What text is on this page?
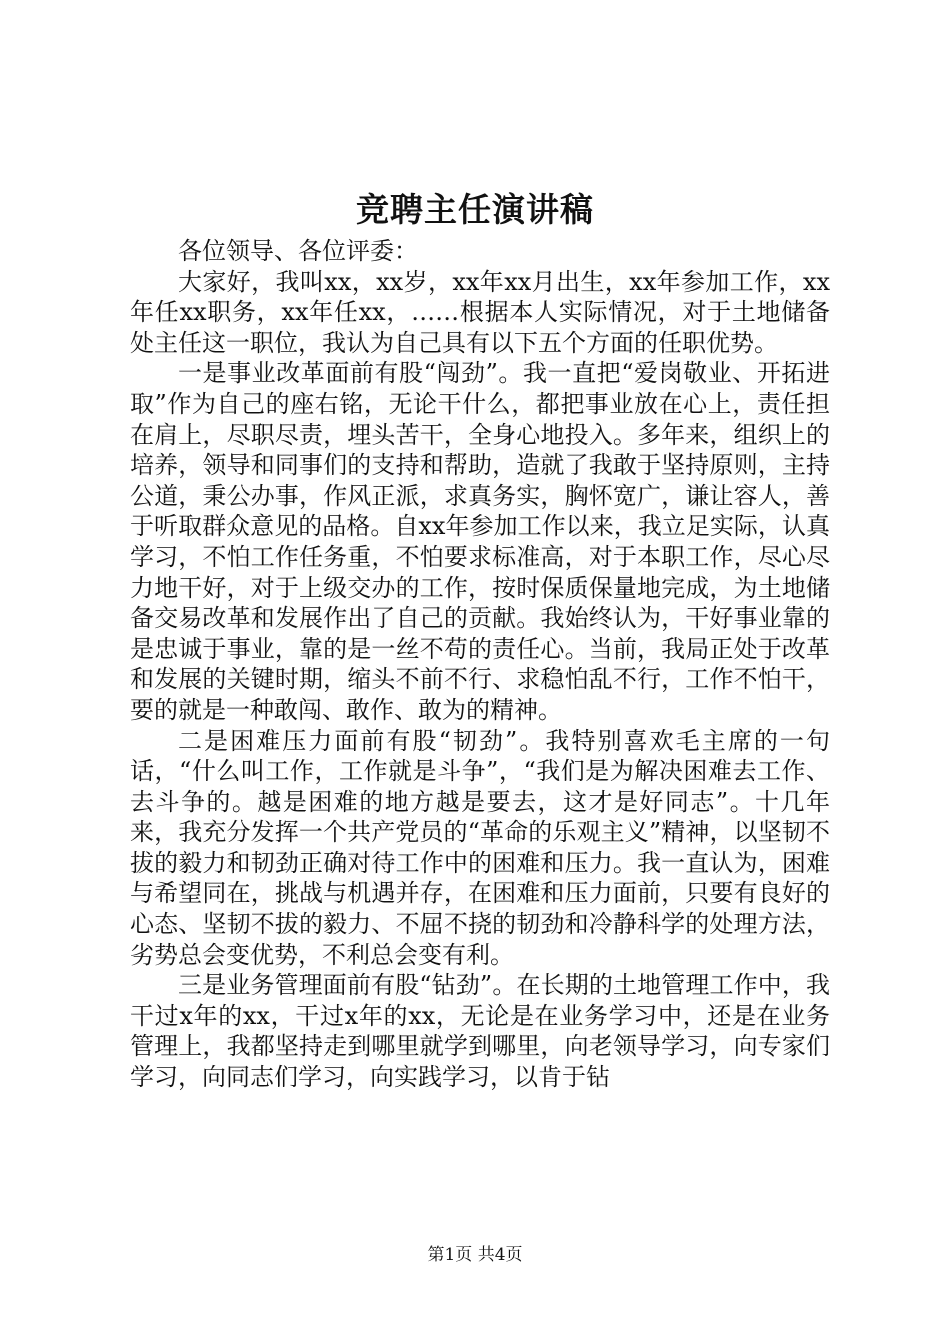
竞聘主任演讲稿

各位领导、各位评委：

大家好，我叫xx，xx岁，xx年xx月出生，xx年参加工作，xx年任xx职务，xx年任xx，……根据本人实际情况，对于土地储备处主任这一职位，我认为自己具有以下五个方面的任职优势。

一是事业改革面前有股“闯劲”。我一直把“爱岗敬业、开拓进取”作为自己的座右铭，无论干什么，都把事业放在心上，责任担在肩上，尽职尽责，埋头苦干，全身心地投入。多年来，组织上的培养，领导和同事们的支持和帮助，造就了我敢于坚持原则，主持公道，秉公办事，作风正派，求真务实，胸怀宽广，谦让容人，善于听取群众意见的品格。自xx年参加工作以来，我立足实际，认真学习，不怕工作任务重，不怕要求标准高，对于本职工作，尽心尽力地干好，对于上级交办的工作，按时保质保量地完成，为土地储备交易改革和发展作出了自己的贡献。我始终认为，干好事业靠的是忠诚于事业，靠的是一丝不苟的责任心。当前，我局正处于改革和发展的关键时期，缩头不前不行、求稳怕乱不行，工作不怕干，要的就是一种敢闯、敢作、敢为的精神。

二是困难压力面前有股“韧劲”。我特别喜欢毛主席的一句话，“什么叫工作，工作就是斗争”，“我们是为解决困难去工作、去斗争的。越是困难的地方越是要去，这才是好同志”。十几年来，我充分发挥一个共产党员的“革命的乐观主义”精神，以坚韧不拔的毅力和韧劲正确对待工作中的困难和压力。我一直认为，困难与希望同在，挑战与机遇并存，在困难和压力面前，只要有良好的心态、坚韧不拔的毅力、不屈不挠的韧劲和冷静科学的处理方法，劣势总会变优势，不利总会变有利。

三是业务管理面前有股“钻劲”。在长期的土地管理工作中，我干过x年的xx，干过x年的xx，无论是在业务学习中，还是在业务管理上，我都坚持走到哪里就学到哪里，向老领导学习，向专家们学习，向同志们学习，向实践学习，以肯于钻

第1页 共4页
